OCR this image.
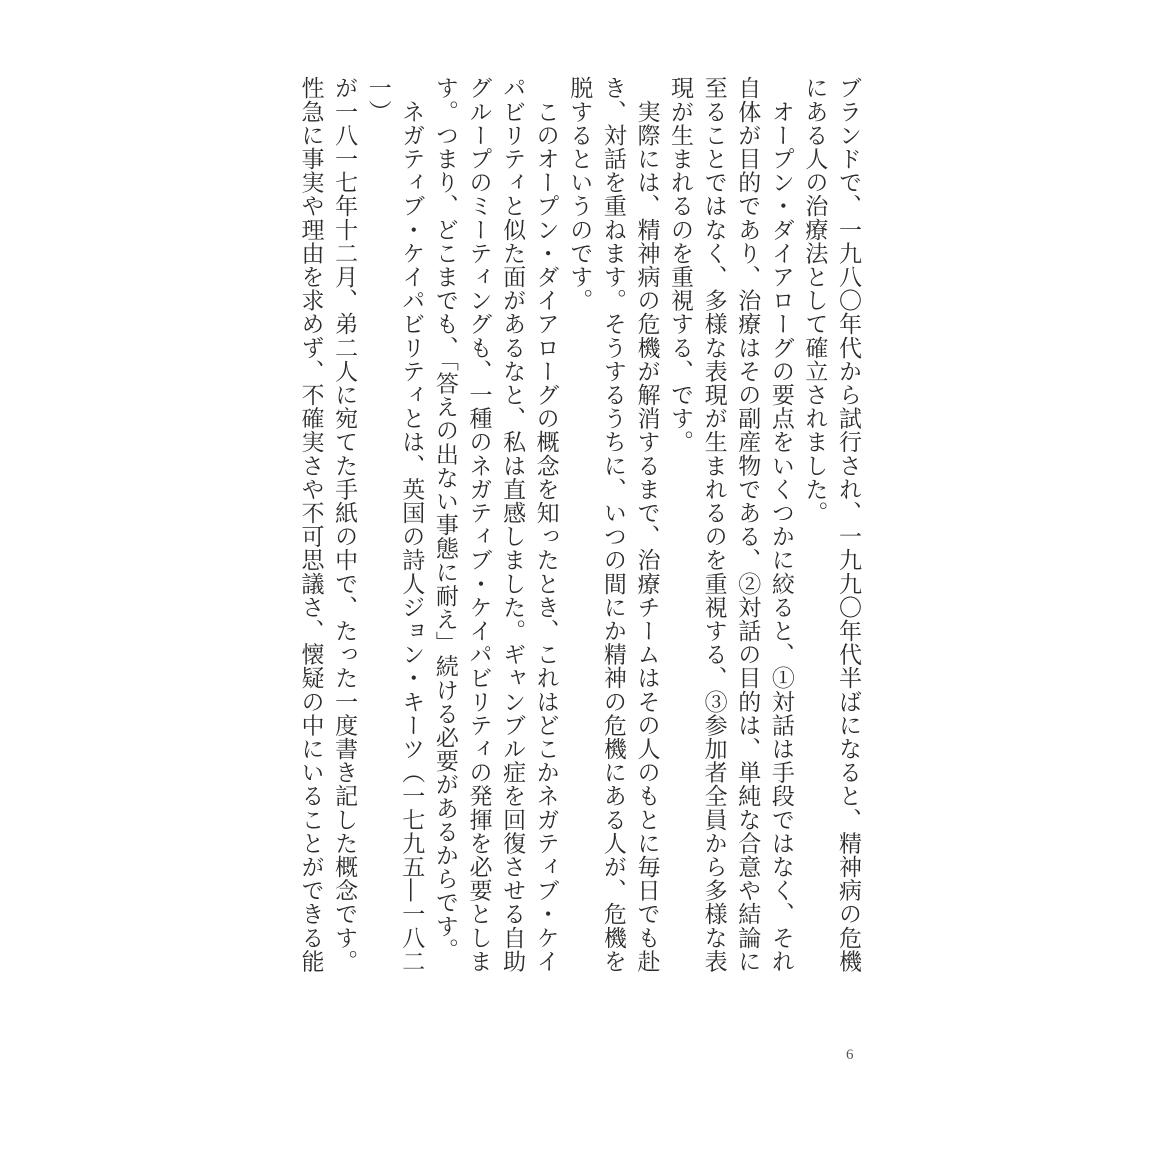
ブランドで、一九八〇年代から試行され、一九九〇年代半ばになると、精神病の危機
にある人の治療法として確立されました。

　オープン・ダイアローグの要点をいくつかに絞ると、①対話は手段ではなく、それ
自体が目的であり、治療はその副産物である、②対話の目的は、単純な合意や結論に
至ることではなく、多様な表現が生まれるのを重視する、③参加者全員から多様な表現が生まれるのを重視する、です。

　実際には、精神病の危機が解消するまで、治療チームはその人のもとに毎日でも赴
き、対話を重ねます。そうするうちに、いつの間にか精神の危機にある人が、危機を
脱するというのです。

　このオープン・ダイアローグの概念を知ったとき、これはどこかネガティブ・ケイ
パビリティと似た面があるなと、私は直感しました。ギャンブル症を回復させる自助
グループのミーティングも、一種のネガティブ・ケイパビリティの発揮を必要としま
す。つまり、どこまでも、「答えの出ない事態に耐え」続ける必要があるからです。

　ネガティブ・ケイパビリティとは、英国の詩人ジョン・キーツ（一七九五―一八二一）
が一八一七年十二月、弟二人に宛てた手紙の中で、たった一度書き記した概念です。
性急に事実や理由を求めず、不確実さや不可思議さ、懐疑の中にいることができる能

6
